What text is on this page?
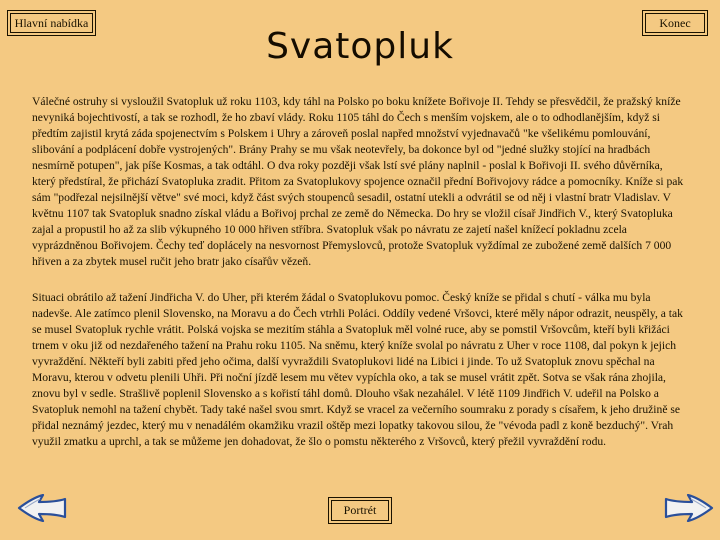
Hlavní nabídka	Konec
Svatopluk

Válečné ostruhy si vysloužil Svatopluk už roku 1103, kdy táhl na Polsko po boku knížete Bořivoje II. Tehdy se přesvědčil, že pražský kníže nevyniká bojechtivostí, a tak se rozhodl, že ho zbaví vlády. Roku 1105 táhl do Čech s menším vojskem, ale o to odhodlanějším, když si předtím zajistil krytá záda spojenectvím s Polskem i Uhry a zároveň poslal napřed množství vyjednavačů "ke všelikému pomlouvání, slibování a podplácení dobře vystrojených". Brány Prahy se mu však neotevřely, ba dokonce byl od "jedné služky stojící na hradbách nesmírně potupen", jak píše Kosmas, a tak odtáhl. O dva roky později však lstí své plány naplnil - poslal k Bořivoji II. svého důvěrníka, který předstíral, že přichází Svatopluka zradit. Přitom za Svatoplukovy spojence označil přední Bořivojovy rádce a pomocníky. Kníže si pak sám "podřezal nejsilnější větve" své moci, když část svých stoupenců sesadil, ostatní utekli a odvrátil se od něj i vlastní bratr Vladislav. V květnu 1107 tak Svatopluk snadno získal vládu a Bořivoj prchal ze země do Německa. Do hry se vložil císař Jindřich V., který Svatopluka zajal a propustil ho až za slib výkupného 10 000 hřiven stříbra. Svatopluk však po návratu ze zajetí našel knížecí pokladnu zcela vyprázdněnou Bořivojem. Čechy teď doplácely na nesvornost Přemyslovců, protože Svatopluk vyždímal ze zubožené země dalších 7 000 hřiven a za zbytek musel ručit jeho bratr jako císařův vězeň.

Situaci obrátilo až tažení Jindřicha V. do Uher, při kterém žádal o Svatoplukovu pomoc. Český kníže se přidal s chutí - válka mu byla nadevše. Ale zatímco plenil Slovensko, na Moravu a do Čech vtrhli Poláci. Oddíly vedené Vršovci, které měly nápor odrazit, neuspěly, a tak se musel Svatopluk rychle vrátit. Polská vojska se mezitím stáhla a Svatopluk měl volné ruce, aby se pomstil Vršovcům, kteří byli křižáci trnem v oku již od nezdařeného tažení na Prahu roku 1105. Na sněmu, který kníže svolal po návratu z Uher v roce 1108, dal pokyn k jejich vyvraždění. Někteří byli zabiti před jeho očima, další vyvraždili Svatoplukovi lidé na Libici i jinde. To už Svatopluk znovu spěchal na Moravu, kterou v odvetu plenili Uhři. Při noční jízdě lesem mu větev vypíchla oko, a tak se musel vrátit zpět. Sotva se však rána zhojila, znovu byl v sedle. Strašlivě poplenil Slovensko a s kořistí táhl domů. Dlouho však nezahálel. V létě 1109 Jindřich V. udeřil na Polsko a Svatopluk nemohl na tažení chybět. Tady také našel svou smrt. Když se vracel za večerního soumraku z porady s císařem, k jeho družině se přidal neznámý jezdec, který mu v nenadálém okamžiku vrazil oštěp mezi lopatky takovou silou, že "vévoda padl z koně bezduchý". Vrah využil zmatku a uprchl, a tak se můžeme jen dohadovat, že šlo o pomstu některého z Vršovců, který přežil vyvraždění rodu.

Portrét
